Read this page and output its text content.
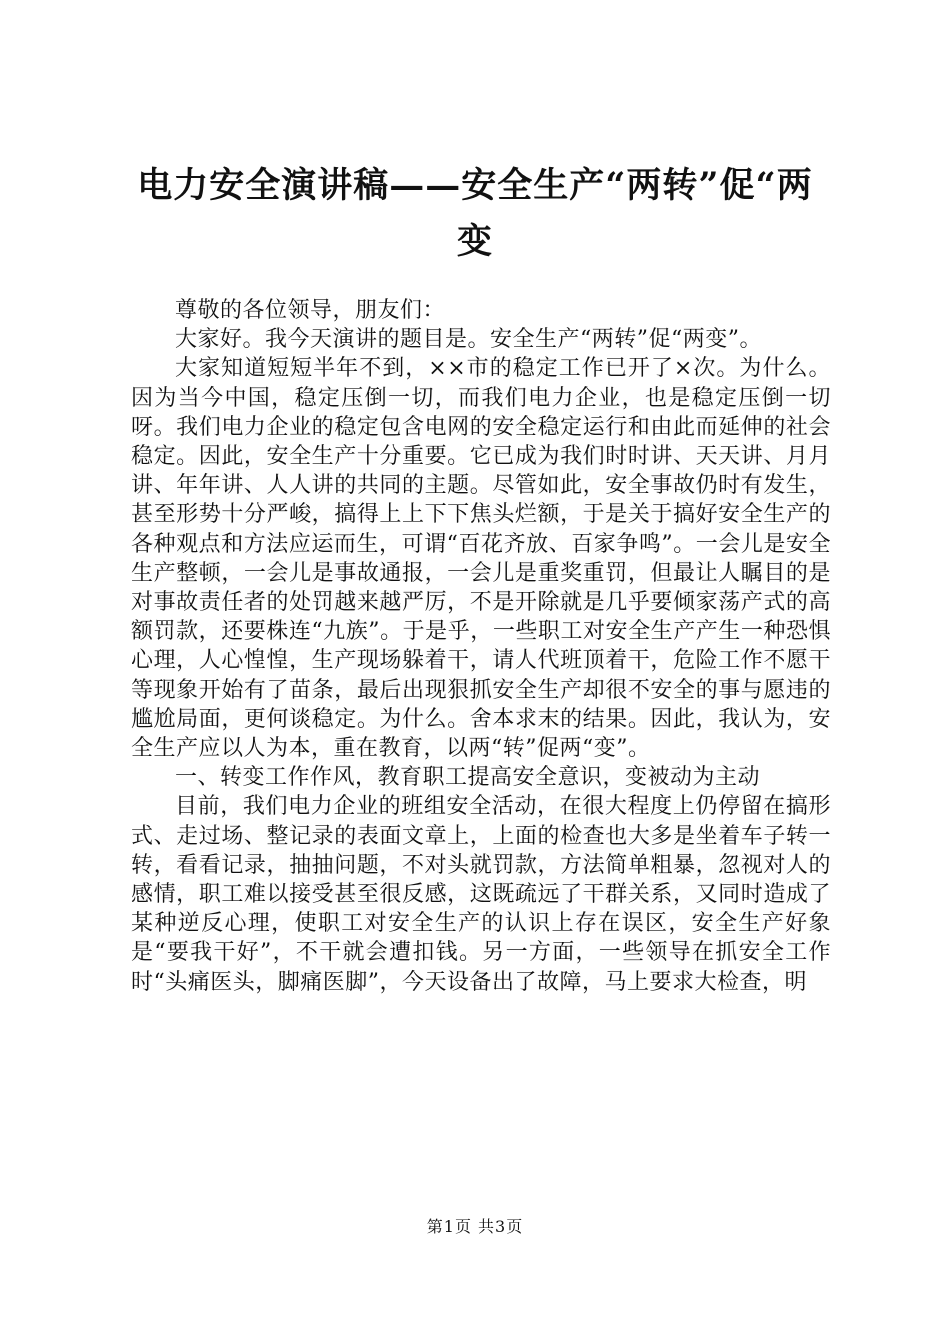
电力安全演讲稿——安全生产“两转”促“两变

尊敬的各位领导，朋友们：

大家好。我今天演讲的题目是。安全生产“两转”促“两变”。

大家知道短短半年不到，××市的稳定工作已开了×次。为什么。因为当今中国，稳定压倒一切，而我们电力企业，也是稳定压倒一切呀。我们电力企业的稳定包含电网的安全稳定运行和由此而延伸的社会稳定。因此，安全生产十分重要。它已成为我们时时讲、天天讲、月月讲、年年讲、人人讲的共同的主题。尽管如此，安全事故仍时有发生，甚至形势十分严峻，搞得上上下下焦头烂额，于是关于搞好安全生产的各种观点和方法应运而生，可谓“百花齐放、百家争鸣”。一会儿是安全生产整顿，一会儿是事故通报，一会儿是重奖重罚，但最让人瞩目的是对事故责任者的处罚越来越严厉，不是开除就是几乎要倾家荡产式的高额罚款，还要株连“九族”。于是乎，一些职工对安全生产产生一种恐惧心理，人心惶惶，生产现场躲着干，请人代班顶着干，危险工作不愿干等现象开始有了苗条，最后出现狠抓安全生产却很不安全的事与愿违的尴尬局面，更何谈稳定。为什么。舍本求末的结果。因此，我认为，安全生产应以人为本，重在教育，以两“转”促两“变”。

一、转变工作作风，教育职工提高安全意识，变被动为主动

目前，我们电力企业的班组安全活动，在很大程度上仍停留在搞形式、走过场、整记录的表面文章上，上面的检查也大多是坐着车子转一转，看看记录，抽抽问题，不对头就罚款，方法简单粗暴，忽视对人的感情，职工难以接受甚至很反感，这既疏远了干群关系，又同时造成了某种逆反心理，使职工对安全生产的认识上存在误区，安全生产好象是“要我干好”，不干就会遭扣钱。另一方面，一些领导在抓安全工作时“头痛医头，脚痛医脚”，今天设备出了故障，马上要求大检查，明

第1页 共3页
